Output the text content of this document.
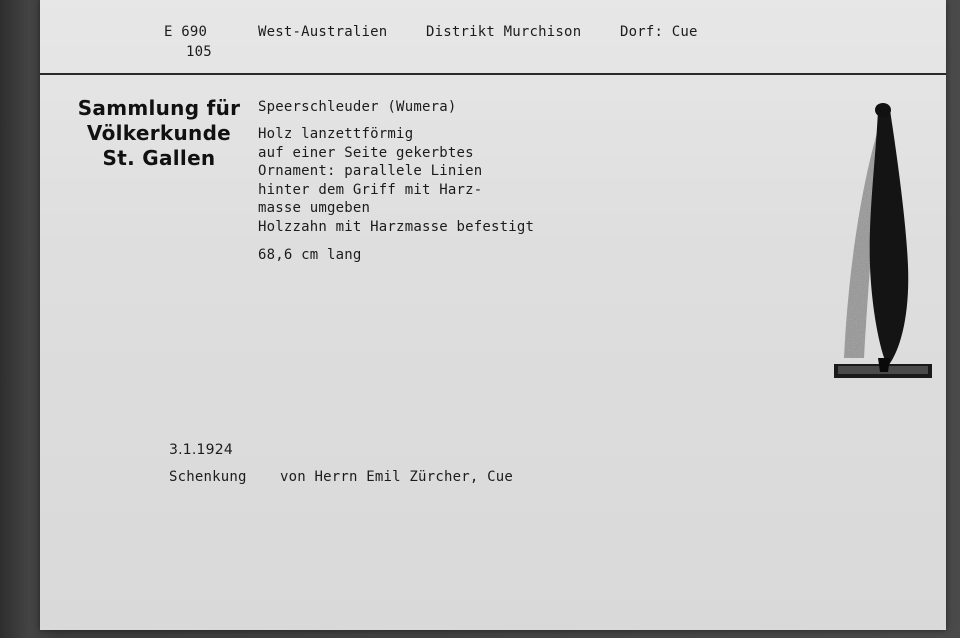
E 690
105
West-Australien	Distrikt Murchison	Dorf: Cue
Sammlung für
Völkerkunde
St. Gallen
Speerschleuder (Wumera)
Holz lanzettförmig
auf einer Seite gekerbtes
Ornament: parallele Linien
hinter dem Griff mit Harz-
masse umgeben
Holzzahn mit Harzmasse befestigt
68,6 cm lang
3.1.1924
Schenkung von Herrn Emil Zürcher, Cue
